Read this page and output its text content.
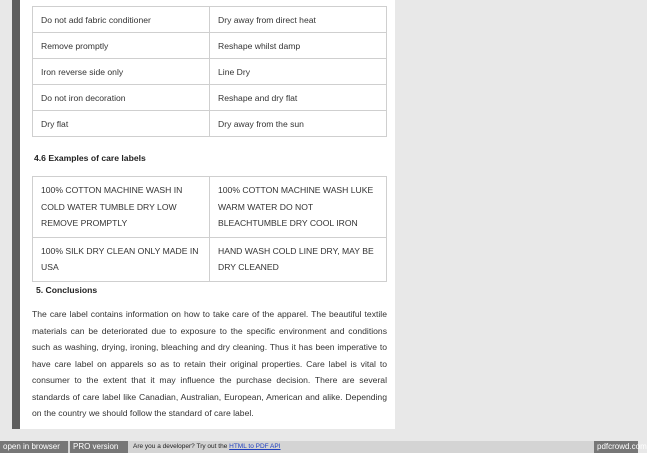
Do not add fabric conditioner	Dry away from direct heat
Remove promptly	Reshape whilst damp
Iron reverse side only	Line Dry
Do not iron decoration	Reshape and dry flat
Dry flat	Dry away from the sun
4.6 Examples of care labels
100% COTTON MACHINE WASH IN COLD WATER TUMBLE DRY LOW REMOVE PROMPTLY	100% COTTON MACHINE WASH LUKE WARM WATER DO NOT BLEACHTUMBLE DRY COOL IRON
100% SILK DRY CLEAN ONLY MADE IN USA	HAND WASH COLD LINE DRY, MAY BE DRY CLEANED
5. Conclusions

The care label contains information on how to take care of the apparel. The beautiful textile materials can be deteriorated due to exposure to the specific environment and conditions such as washing, drying, ironing, bleaching and dry cleaning. Thus it has been imperative to have care label on apparels so as to retain their original properties. Care label is vital to consumer to the extent that it may influence the purchase decision. There are several standards of care label like Canadian, Australian, European, American and alike. Depending on the country we should follow the standard of care label.

open in browser	PRO version	Are you a developer? Try out the HTML to PDF API	pdfcrowd.com
